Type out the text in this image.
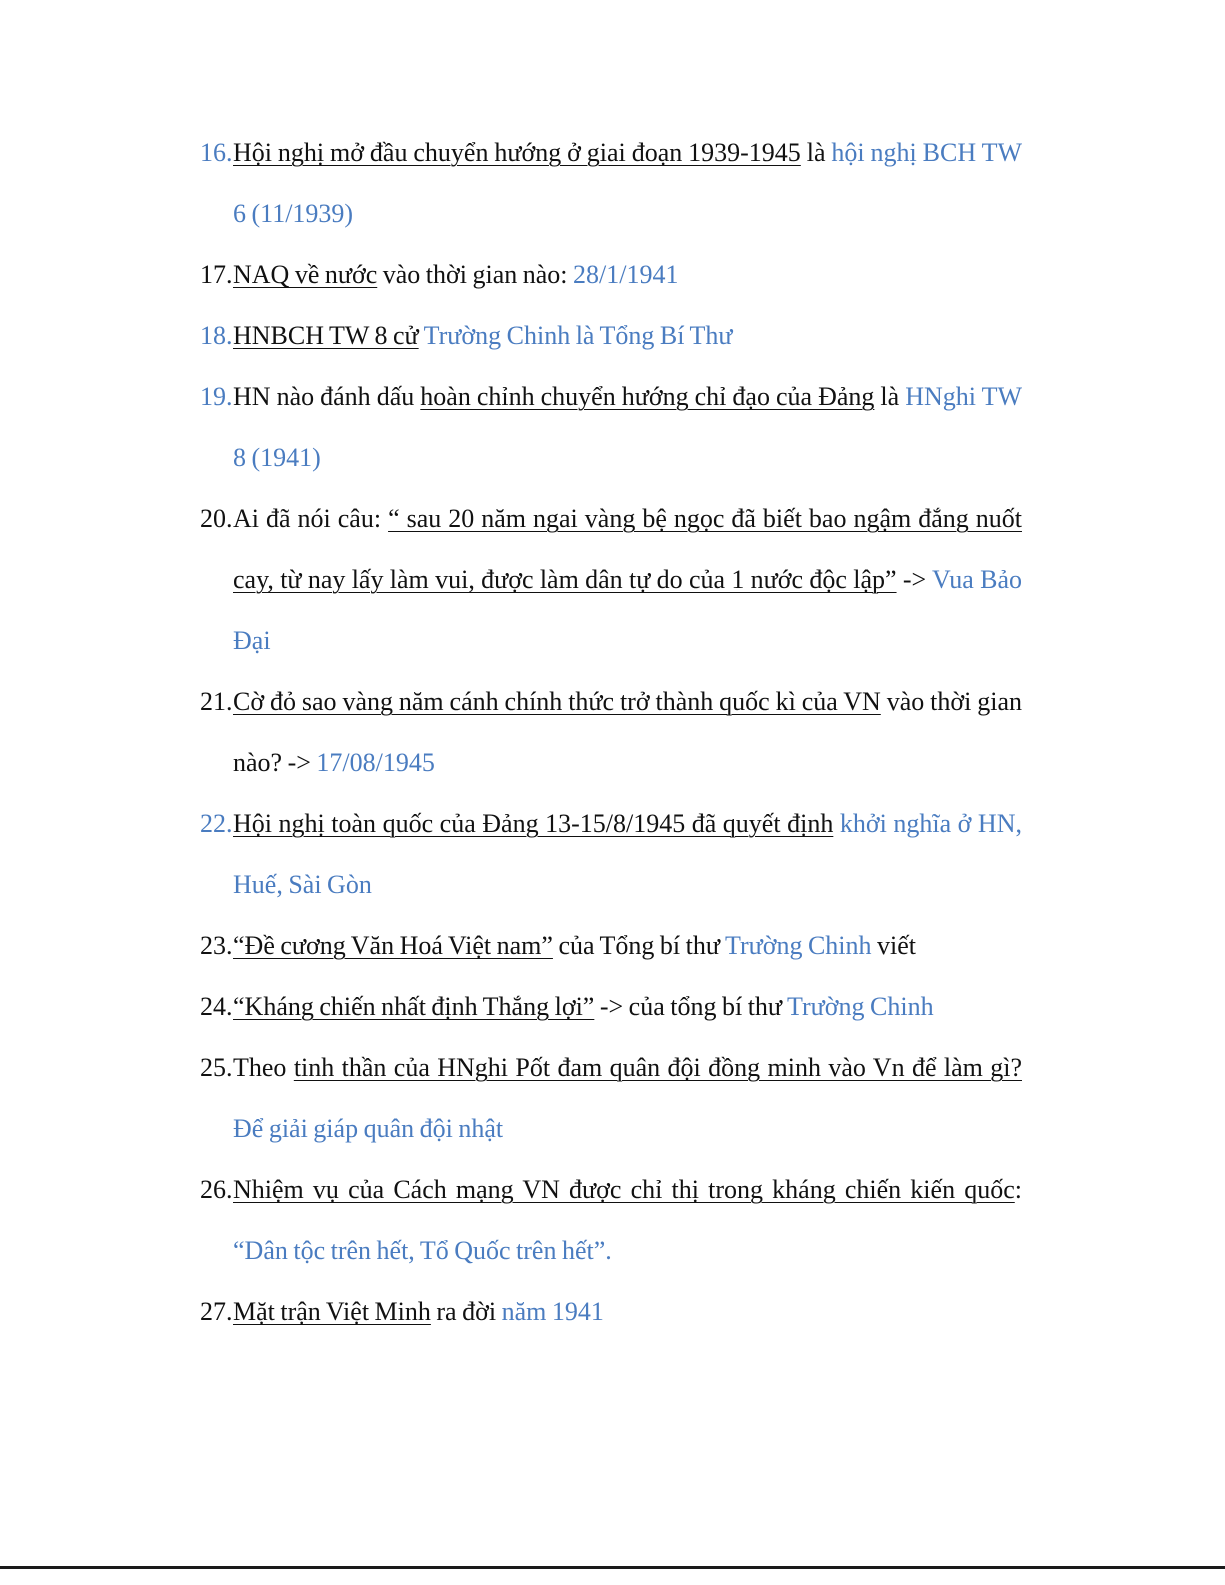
16. Hội nghị mở đầu chuyển hướng ở giai đoạn 1939-1945 là hội nghị BCH TW 6 (11/1939)
17. NAQ về nước vào thời gian nào: 28/1/1941
18. HNBCH TW 8 cử Trường Chinh là Tổng Bí Thư
19. HN nào đánh dấu hoàn chỉnh chuyển hướng chỉ đạo của Đảng là HNghi TW 8 (1941)
20. Ai đã nói câu: “ sau 20 năm ngai vàng bệ ngọc đã biết bao ngậm đắng nuốt cay, từ nay lấy làm vui, được làm dân tự do của 1 nước độc lập” -> Vua Bảo Đại
21. Cờ đỏ sao vàng năm cánh chính thức trở thành quốc kì của VN vào thời gian nào? -> 17/08/1945
22. Hội nghị toàn quốc của Đảng 13-15/8/1945 đã quyết định khởi nghĩa ở HN, Huế, Sài Gòn
23. “Đề cương Văn Hoá Việt nam” của Tổng bí thư Trường Chinh viết
24. “Kháng chiến nhất định Thắng lợi” -> của tổng bí thư Trường Chinh
25. Theo tinh thần của HNghi Pốt đam quân đội đồng minh vào Vn để làm gì? Để giải giáp quân đội nhật
26. Nhiệm vụ của Cách mạng VN được chỉ thị trong kháng chiến kiến quốc: “Dân tộc trên hết, Tổ Quốc trên hết”.
27. Mặt trận Việt Minh ra đời năm 1941
